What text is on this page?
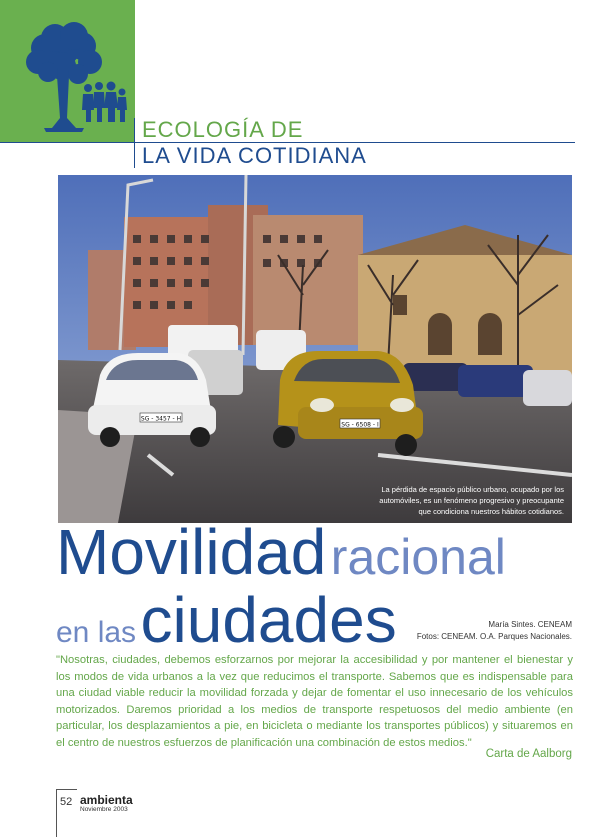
ECOLOGÍA DE
LA VIDA COTIDIANA
SG - 3457 - H
SG - 6508 - I
La pérdida de espacio público urbano, ocupado por los automóviles, es un fenómeno progresivo y preocupante que condiciona nuestros hábitos cotidianos.
Movilidad racional
en las ciudades	María Sintes. CENEAM
Fotos: CENEAM. O.A. Parques Nacionales.
"Nosotras, ciudades, debemos esforzarnos por mejorar la accesibilidad y por mantener el bienestar y los modos de vida urbanos a la vez que reducimos el transporte. Sabemos que es indispensable para una ciudad viable reducir la movilidad forzada y dejar de fomentar el uso innecesario de los vehículos motorizados. Daremos prioridad a los medios de transporte respetuosos del medio ambiente (en particular, los desplazamientos a pie, en bicicleta o mediante los transportes públicos) y situaremos en el centro de nuestros esfuerzos de planificación una combinación de estos medios."
Carta de Aalborg
52 ambienta
Noviembre 2003
